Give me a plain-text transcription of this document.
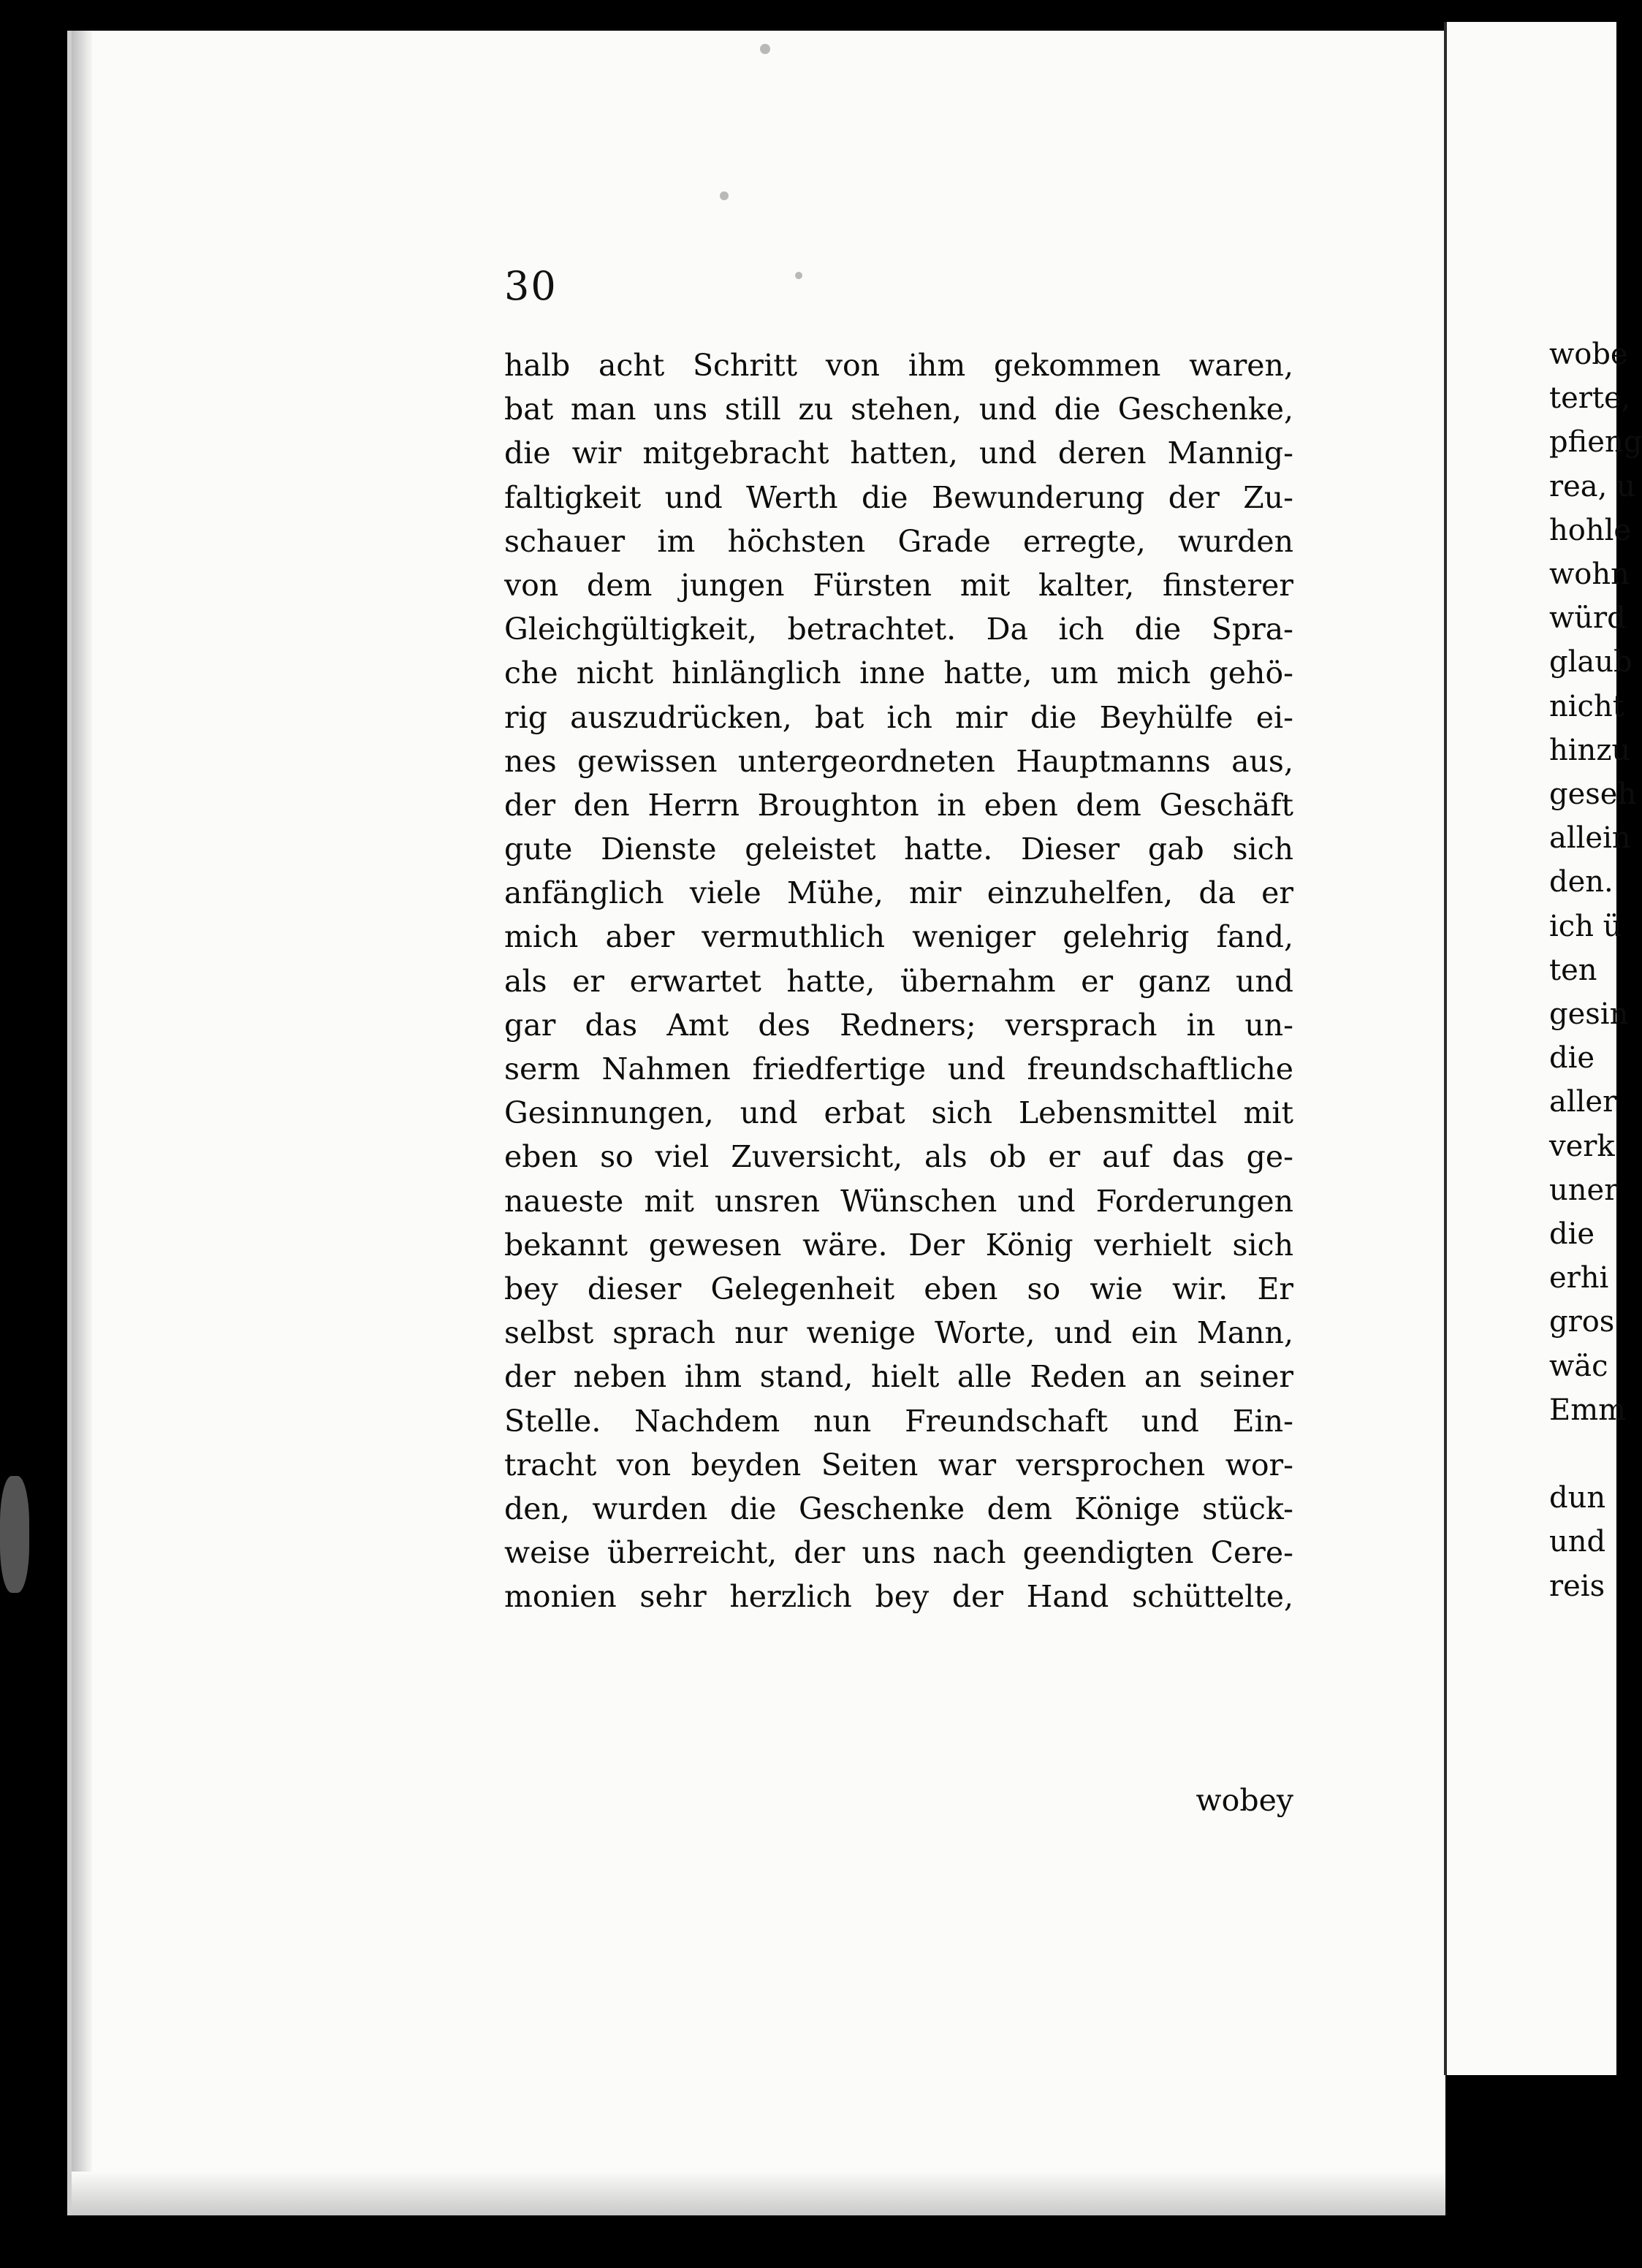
30
halb acht Schritt von ihm gekommen waren,
bat man uns still zu stehen, und die Geschenke,
die wir mitgebracht hatten, und deren Mannig-
faltigkeit und Werth die Bewunderung der Zu-
schauer im höchsten Grade erregte, wurden
von dem jungen Fürsten mit kalter, finsterer
Gleichgültigkeit, betrachtet. Da ich die Spra-
che nicht hinlänglich inne hatte, um mich gehö-
rig auszudrücken, bat ich mir die Beyhülfe ei-
nes gewissen untergeordneten Hauptmanns aus,
der den Herrn Broughton in eben dem Geschäft
gute Dienste geleistet hatte. Dieser gab sich
anfänglich viele Mühe, mir einzuhelfen, da er
mich aber vermuthlich weniger gelehrig fand,
als er erwartet hatte, übernahm er ganz und
gar das Amt des Redners; versprach in un-
serm Nahmen friedfertige und freundschaftliche
Gesinnungen, und erbat sich Lebensmittel mit
eben so viel Zuversicht, als ob er auf das ge-
naueste mit unsren Wünschen und Forderungen
bekannt gewesen wäre. Der König verhielt sich
bey dieser Gelegenheit eben so wie wir. Er
selbst sprach nur wenige Worte, und ein Mann,
der neben ihm stand, hielt alle Reden an seiner
Stelle. Nachdem nun Freundschaft und Ein-
tracht von beyden Seiten war versprochen wor-
den, wurden die Geschenke dem Könige stück-
weise überreicht, der uns nach geendigten Cere-
monien sehr herzlich bey der Hand schüttelte,
wobey
wobe
terte,
pfieng
rea, u
hohle
wohn
würd
glaub
nicht
hinzu
geseh
allein
den.
ich ü
ten
gesin
die
aller
verk
uner
die
erhi
gros
wäc
Emm
dun
und
reis
